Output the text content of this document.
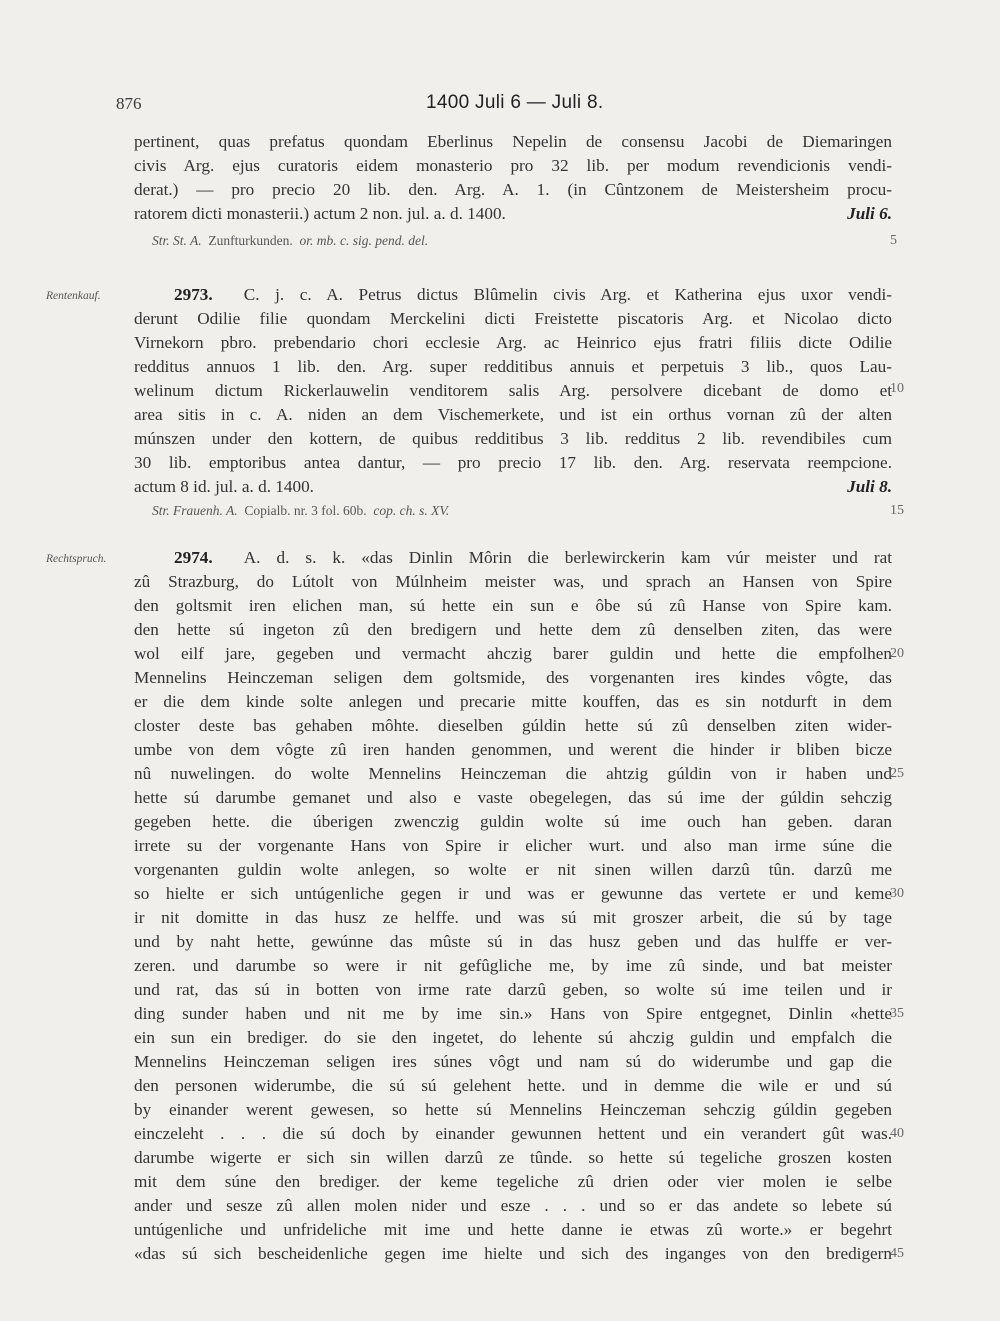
876	1400 Juli 6 — Juli 8.
pertinent, quas prefatus quondam Eberlinus Nepelin de consensu Jacobi de Diemaringen
civis Arg. ejus curatoris eidem monasterio pro 32 lib. per modum revendicionis vendi-
derat.) — pro precio 20 lib. den. Arg. A. 1. (in Cûntzonem de Meistersheim procu-
ratorem dicti monasterii.) actum 2 non. jul. a. d. 1400.	Juli 6.
Str. St. A. Zunfturkunden. or. mb. c. sig. pend. del.
Rentenkauf.	2973. C. j. c. A. Petrus dictus Blûmelin civis Arg. et Katherina ejus uxor vendi-
derunt Odilie filie quondam Merckelini dicti Freistette piscatoris Arg. et Nicolao dicto
Virnekorn pbro. prebendario chori ecclesie Arg. ac Heinrico ejus fratri filiis dicte Odilie
redditus annuos 1 lib. den. Arg. super redditibus annuis et perpetuis 3 lib., quos Lau-
welinum dictum Rickerlauwelin venditorem salis Arg. persolvere dicebant de domo et
area sitis in c. A. niden an dem Vischemerkete, und ist ein orthus vornan zû der alten
múnszen under den kottern, de quibus redditibus 3 lib. redditus 2 lib. revendibiles cum
30 lib. emptoribus antea dantur, — pro precio 17 lib. den. Arg. reservata reempcione.
actum 8 id. jul. a. d. 1400.	Juli 8.
Str. Frauenh. A. Copialb. nr. 3 fol. 60b. cop. ch. s. XV.
Rechtspruch.	2974. A. d. s. k. «das Dinlin Môrin die berlewirckerin kam vúr meister und rat
zû Strazburg, do Lútolt von Múlnheim meister was, und sprach an Hansen von Spire
den goltsmit iren elichen man, sú hette ein sun e ôbe sú zû Hanse von Spire kam.
den hette sú ingeton zû den bredigern und hette dem zû denselben ziten, das were
wol eilf jare, gegeben und vermacht ahczig barer guldin und hette die empfolhen
Mennelins Heinczeman seligen dem goltsmide, des vorgenanten ires kindes vôgte, das
er die dem kinde solte anlegen und precarie mitte kouffen, das es sin notdurft in dem
closter deste bas gehaben môhte. dieselben gúldin hette sú zû denselben ziten wider-
umbe von dem vôgte zû iren handen genommen, und werent die hinder ir bliben bicze
nû nuwelingen. do wolte Mennelins Heinczeman die ahtzig gúldin von ir haben und
hette sú darumbe gemanet und also e vaste obegelegen, das sú ime der gúldin sehczig
gegeben hette. die úberigen zwenczig guldin wolte sú ime ouch han geben. daran
irrete su der vorgenante Hans von Spire ir elicher wurt. und also man irme súne die
vorgenanten guldin wolte anlegen, so wolte er nit sinen willen darzû tûn. darzû me
so hielte er sich untúgenliche gegen ir und was er gewunne das vertete er und keme
ir nit domitte in das husz ze helffe. und was sú mit groszer arbeit, die sú by tage
und by naht hette, gewúnne das mûste sú in das husz geben und das hulffe er ver-
zeren. und darumbe so were ir nit gefûgliche me, by ime zû sinde, und bat meister
und rat, das sú in botten von irme rate darzû geben, so wolte sú ime teilen und ir
ding sunder haben und nit me by ime sin.» Hans von Spire entgegnet, Dinlin «hette
ein sun ein brediger. do sie den ingetet, do lehente sú ahczig guldin und empfalch die
Mennelins Heinczeman seligen ires súnes vôgt und nam sú do widerumbe und gap die
den personen widerumbe, die sú sú gelehent hette. und in demme die wile er und sú
by einander werent gewesen, so hette sú Mennelins Heinczeman sehczig gúldin gegeben
einczeleht . . . die sú doch by einander gewunnen hettent und ein verandert gût was.
darumbe wigerte er sich sin willen darzû ze tûnde. so hette sú tegeliche groszen kosten
mit dem súne den brediger. der keme tegeliche zû drien oder vier molen ie selbe
ander und sesze zû allen molen nider und esze . . . und so er das andete so lebete sú
untúgenliche und unfrideliche mit ime und hette danne ie etwas zû worte.» er begehrt
«das sú sich bescheidenliche gegen ime hielte und sich des inganges von den bredigern
5
10
15
20
25
30
35
40
45
